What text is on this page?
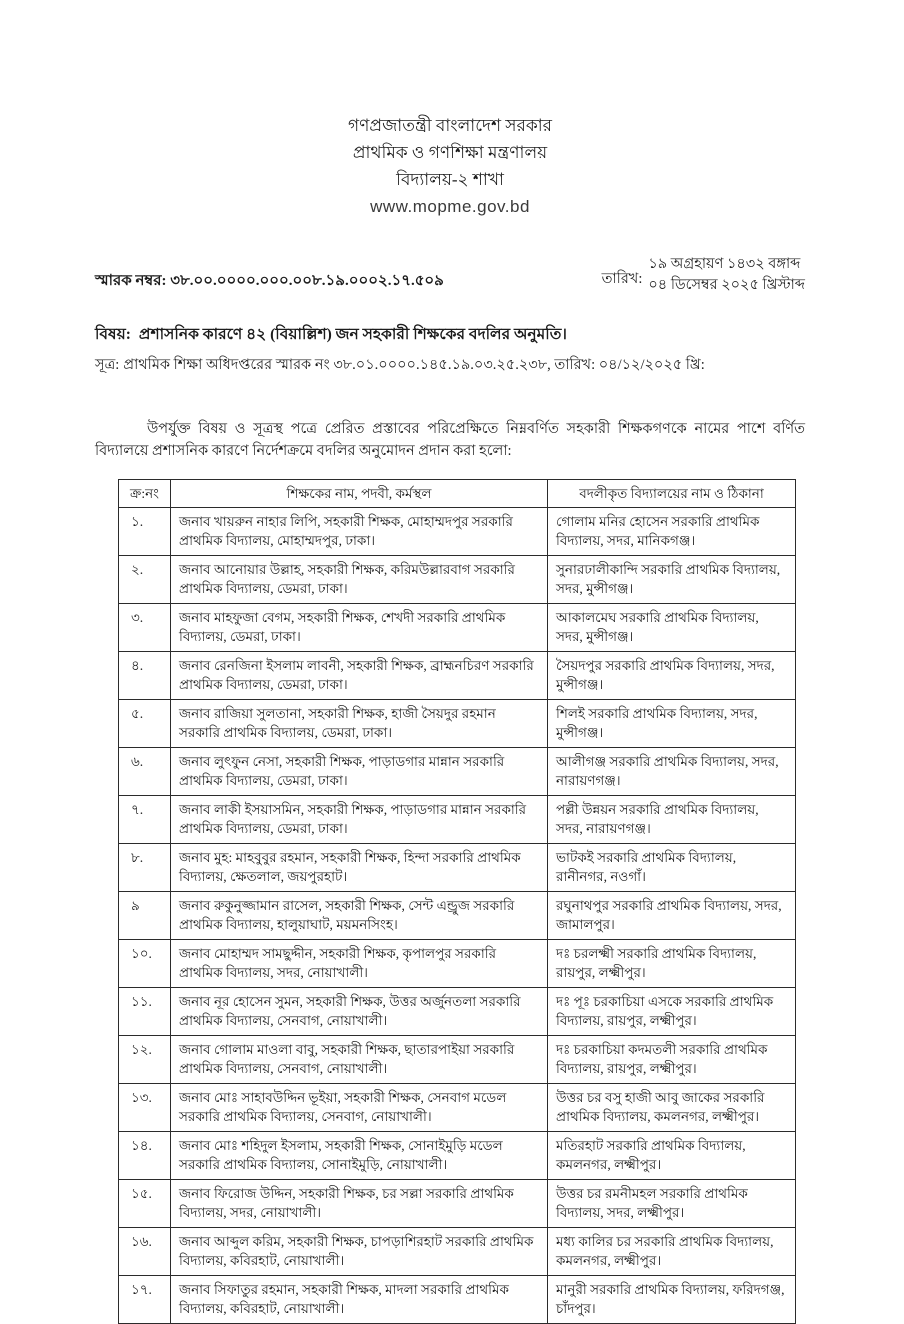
গণপ্রজাতন্ত্রী বাংলাদেশ সরকার
প্রাথমিক ও গণশিক্ষা মন্ত্রণালয়
বিদ্যালয়-২ শাখা
www.mopme.gov.bd
স্মারক নম্বর: ৩৮.০০.০০০০.০০০.০০৮.১৯.০০০২.১৭.৫০৯	তারিখ:
১৯ অগ্রহায়ণ ১৪৩২ বঙ্গাব্দ
০৪ ডিসেম্বর ২০২৫ খ্রিস্টাব্দ
বিষয়: প্রশাসনিক কারণে ৪২ (বিয়াল্লিশ) জন সহকারী শিক্ষকের বদলির অনুমতি।
সূত্র: প্রাথমিক শিক্ষা অধিদপ্তরের স্মারক নং ৩৮.০১.০০০০.১৪৫.১৯.০৩.২৫.২৩৮, তারিখ: ০৪/১২/২০২৫ খ্রি:
উপর্যুক্ত বিষয় ও সূত্রস্থ পত্রে প্রেরিত প্রস্তাবের পরিপ্রেক্ষিতে নিম্নবর্ণিত সহকারী শিক্ষকগণকে নামের পাশে বর্ণিত বিদ্যালয়ে প্রশাসনিক কারণে নির্দেশক্রমে বদলির অনুমোদন প্রদান করা হলো:
ক্র:নং	শিক্ষকের নাম, পদবী, কর্মস্থল	বদলীকৃত বিদ্যালয়ের নাম ও ঠিকানা
১.	জনাব খায়রুন নাহার লিপি, সহকারী শিক্ষক, মোহাম্মদপুর সরকারি প্রাথমিক বিদ্যালয়, মোহাম্মদপুর, ঢাকা।	গোলাম মনির হোসেন সরকারি প্রাথমিক বিদ্যালয়, সদর, মানিকগঞ্জ।
২.	জনাব আনোয়ার উল্লাহ, সহকারী শিক্ষক, করিমউল্লারবাগ সরকারি প্রাথমিক বিদ্যালয়, ডেমরা, ঢাকা।	সুনারঢালীকান্দি সরকারি প্রাথমিক বিদ্যালয়, সদর, মুন্সীগঞ্জ।
৩.	জনাব মাহফুজা বেগম, সহকারী শিক্ষক, শেখদী সরকারি প্রাথমিক বিদ্যালয়, ডেমরা, ঢাকা।	আকালমেঘ সরকারি প্রাথমিক বিদ্যালয়, সদর, মুন্সীগঞ্জ।
৪.	জনাব রেনজিনা ইসলাম লাবনী, সহকারী শিক্ষক, ব্রাহ্মনচিরণ সরকারি প্রাথমিক বিদ্যালয়, ডেমরা, ঢাকা।	সৈয়দপুর সরকারি প্রাথমিক বিদ্যালয়, সদর, মুন্সীগঞ্জ।
৫.	জনাব রাজিয়া সুলতানা, সহকারী শিক্ষক, হাজী সৈয়দুর রহমান সরকারি প্রাথমিক বিদ্যালয়, ডেমরা, ঢাকা।	শিলই সরকারি প্রাথমিক বিদ্যালয়, সদর, মুন্সীগঞ্জ।
৬.	জনাব লুৎফুন নেসা, সহকারী শিক্ষক, পাড়াডগার মান্নান সরকারি প্রাথমিক বিদ্যালয়, ডেমরা, ঢাকা।	আলীগঞ্জ সরকারি প্রাথমিক বিদ্যালয়, সদর, নারায়ণগঞ্জ।
৭.	জনাব লাকী ইসয়াসমিন, সহকারী শিক্ষক, পাড়াডগার মান্নান সরকারি প্রাথমিক বিদ্যালয়, ডেমরা, ঢাকা।	পল্লী উন্নয়ন সরকারি প্রাথমিক বিদ্যালয়, সদর, নারায়ণগঞ্জ।
৮.	জনাব মুহ: মাহবুবুর রহমান, সহকারী শিক্ষক, হিন্দা সরকারি প্রাথমিক বিদ্যালয়, ক্ষেতলাল, জয়পুরহাট।	ভাটকই সরকারি প্রাথমিক বিদ্যালয়, রানীনগর, নওগাঁ।
৯	জনাব রুকুনুজ্জামান রাসেল, সহকারী শিক্ষক, সেন্ট এন্ড্রুজ সরকারি প্রাথমিক বিদ্যালয়, হালুয়াঘাট, ময়মনসিংহ।	রঘুনাথপুর সরকারি প্রাথমিক বিদ্যালয়, সদর, জামালপুর।
১০.	জনাব মোহাম্মদ সামছুদ্দীন, সহকারী শিক্ষক, কৃপালপুর সরকারি প্রাথমিক বিদ্যালয়, সদর, নোয়াখালী।	দঃ চরলক্ষ্মী সরকারি প্রাথমিক বিদ্যালয়, রায়পুর, লক্ষ্মীপুর।
১১.	জনাব নূর হোসেন সুমন, সহকারী শিক্ষক, উত্তর অর্জুনতলা সরকারি প্রাথমিক বিদ্যালয়, সেনবাগ, নোয়াখালী।	দঃ পূঃ চরকাচিয়া এসকে সরকারি প্রাথমিক বিদ্যালয়, রায়পুর, লক্ষ্মীপুর।
১২.	জনাব গোলাম মাওলা বাবু, সহকারী শিক্ষক, ছাতারপাইয়া সরকারি প্রাথমিক বিদ্যালয়, সেনবাগ, নোয়াখালী।	দঃ চরকাচিয়া কদমতলী সরকারি প্রাথমিক বিদ্যালয়, রায়পুর, লক্ষ্মীপুর।
১৩.	জনাব মোঃ সাহাবউদ্দিন ভূইয়া, সহকারী শিক্ষক, সেনবাগ মডেল সরকারি প্রাথমিক বিদ্যালয়, সেনবাগ, নোয়াখালী।	উত্তর চর বসু হাজী আবু জাকের সরকারি প্রাথমিক বিদ্যালয়, কমলনগর, লক্ষ্মীপুর।
১৪.	জনাব মোঃ শহিদুল ইসলাম, সহকারী শিক্ষক, সোনাইমুড়ি মডেল সরকারি প্রাথমিক বিদ্যালয়, সোনাইমুড়ি, নোয়াখালী।	মতিরহাট সরকারি প্রাথমিক বিদ্যালয়, কমলনগর, লক্ষ্মীপুর।
১৫.	জনাব ফিরোজ উদ্দিন, সহকারী শিক্ষক, চর সল্লা সরকারি প্রাথমিক বিদ্যালয়, সদর, নোয়াখালী।	উত্তর চর রমনীমহল সরকারি প্রাথমিক বিদ্যালয়, সদর, লক্ষ্মীপুর।
১৬.	জনাব আব্দুল করিম, সহকারী শিক্ষক, চাপড়াশিরহাট সরকারি প্রাথমিক বিদ্যালয়, কবিরহাট, নোয়াখালী।	মধ্য কালির চর সরকারি প্রাথমিক বিদ্যালয়, কমলনগর, লক্ষ্মীপুর।
১৭.	জনাব সিফাতুর রহমান, সহকারী শিক্ষক, মাদলা সরকারি প্রাথমিক বিদ্যালয়, কবিরহাট, নোয়াখালী।	মানুরী সরকারি প্রাথমিক বিদ্যালয়, ফরিদগঞ্জ, চাঁদপুর।
